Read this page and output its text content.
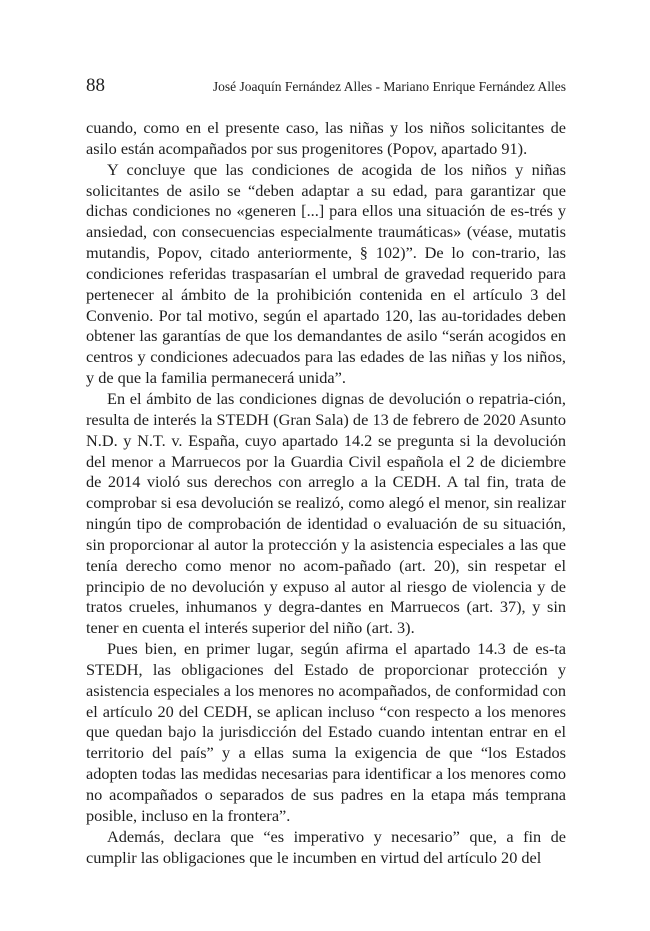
88	José Joaquín Fernández Alles - Mariano Enrique Fernández Alles

cuando, como en el presente caso, las niñas y los niños solicitantes de asilo están acompañados por sus progenitores (Popov, apartado 91).

Y concluye que las condiciones de acogida de los niños y niñas solicitantes de asilo se “deben adaptar a su edad, para garantizar que dichas condiciones no «generen [...] para ellos una situación de es-trés y ansiedad, con consecuencias especialmente traumáticas» (véase, mutatis mutandis, Popov, citado anteriormente, § 102)”. De lo con-trario, las condiciones referidas traspasarían el umbral de gravedad requerido para pertenecer al ámbito de la prohibición contenida en el artículo 3 del Convenio. Por tal motivo, según el apartado 120, las au-toridades deben obtener las garantías de que los demandantes de asilo “serán acogidos en centros y condiciones adecuados para las edades de las niñas y los niños, y de que la familia permanecerá unida”.

En el ámbito de las condiciones dignas de devolución o repatria-ción, resulta de interés la STEDH (Gran Sala) de 13 de febrero de 2020 Asunto N.D. y N.T. v. España, cuyo apartado 14.2 se pregunta si la devolución del menor a Marruecos por la Guardia Civil española el 2 de diciembre de 2014 violó sus derechos con arreglo a la CEDH. A tal fin, trata de comprobar si esa devolución se realizó, como alegó el menor, sin realizar ningún tipo de comprobación de identidad o evaluación de su situación, sin proporcionar al autor la protección y la asistencia especiales a las que tenía derecho como menor no acom-pañado (art. 20), sin respetar el principio de no devolución y expuso al autor al riesgo de violencia y de tratos crueles, inhumanos y degra-dantes en Marruecos (art. 37), y sin tener en cuenta el interés superior del niño (art. 3).

Pues bien, en primer lugar, según afirma el apartado 14.3 de es-ta STEDH, las obligaciones del Estado de proporcionar protección y asistencia especiales a los menores no acompañados, de conformidad con el artículo 20 del CEDH, se aplican incluso “con respecto a los menores que quedan bajo la jurisdicción del Estado cuando intentan entrar en el territorio del país” y a ellas suma la exigencia de que “los Estados adopten todas las medidas necesarias para identificar a los menores como no acompañados o separados de sus padres en la etapa más temprana posible, incluso en la frontera”.

Además, declara que “es imperativo y necesario” que, a fin de cumplir las obligaciones que le incumben en virtud del artículo 20 del
